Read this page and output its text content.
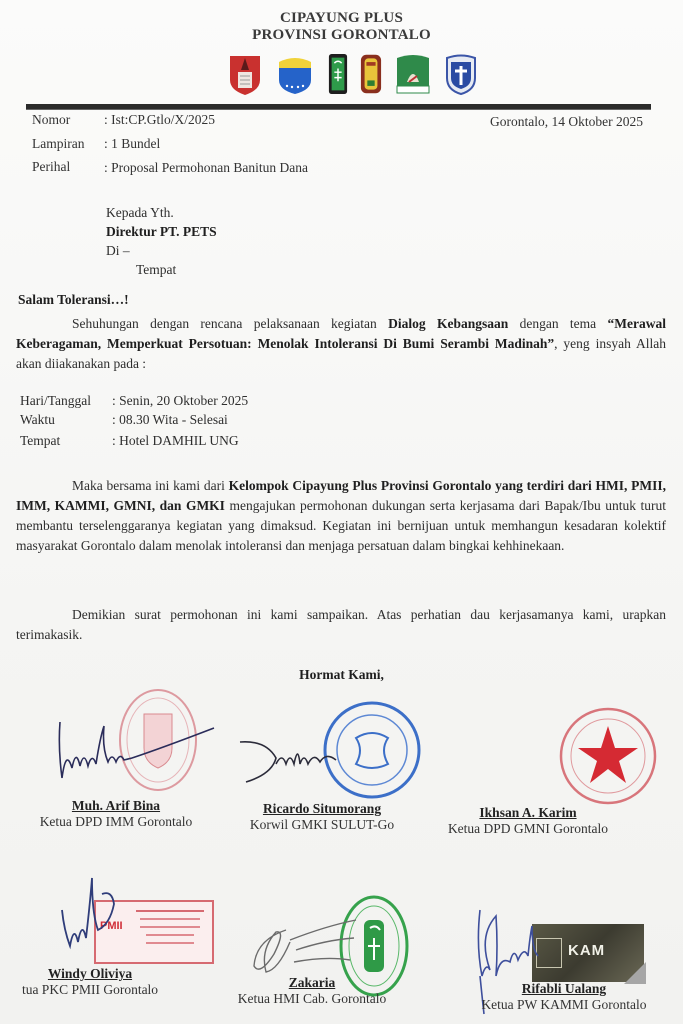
CIPAYUNG PLUS
PROVINSI GORONTALO
Nomor	: Ist:CP.Gtlo/X/2025
Lampiran : 1 Bundel
Perihal	: Proposal Permohonan Banitun Dana
Gorontalo, 14 Oktober 2025
Kepada Yth.
Direktur PT. PETS
Di –
Tempat
Salam Toleransi…!
Sehuhungan dengan rencana pelaksanaan kegiatan Dialog Kebangsaan dengan tema “Merawal Keberagaman, Memperkuat Persotuan: Menolak Intoleransi Di Bumi Serambi Madinah”, yeng insyah Allah akan diiakanakan pada :
Hari/Tanggal : Senin, 20 Oktober 2025
Waktu	: 08.30 Wita - Selesai
Tempat	: Hotel DAMHIL UNG
Maka bersama ini kami dari Kelompok Cipayung Plus Provinsi Gorontalo yang terdiri dari HMI, PMII, IMM, KAMMI, GMNI, dan GMKI mengajukan permohonan dukungan serta kerjasama dari Bapak/Ibu untuk turut membantu terselenggaranya kegiatan yang dimaksud. Kegiatan ini bernijuan untuk memhangun kesadaran kolektif masyarakat Gorontalo dalam menolak intoleransi dan menjaga persatuan dalam bingkai kehhinekaan.
Demikian surat permohonan ini kami sampaikan. Atas perhatian dau kerjasamanya kami, urapkan terimakasik.
Hormat Kami,
Muh. Arif Bina
Ketua DPD IMM Gorontalo
Ricardo Situmorang
Korwil GMKI SULUT-Go
Ikhsan A. Karim
Ketua DPD GMNI Gorontalo
PMII
KAM
Windy Oliviya
tua PKC PMII Gorontalo	Zakaria
Ketua HMI Cab. Gorontalo
Rifabli Ualang
Ketua PW KAMMI Gorontalo
